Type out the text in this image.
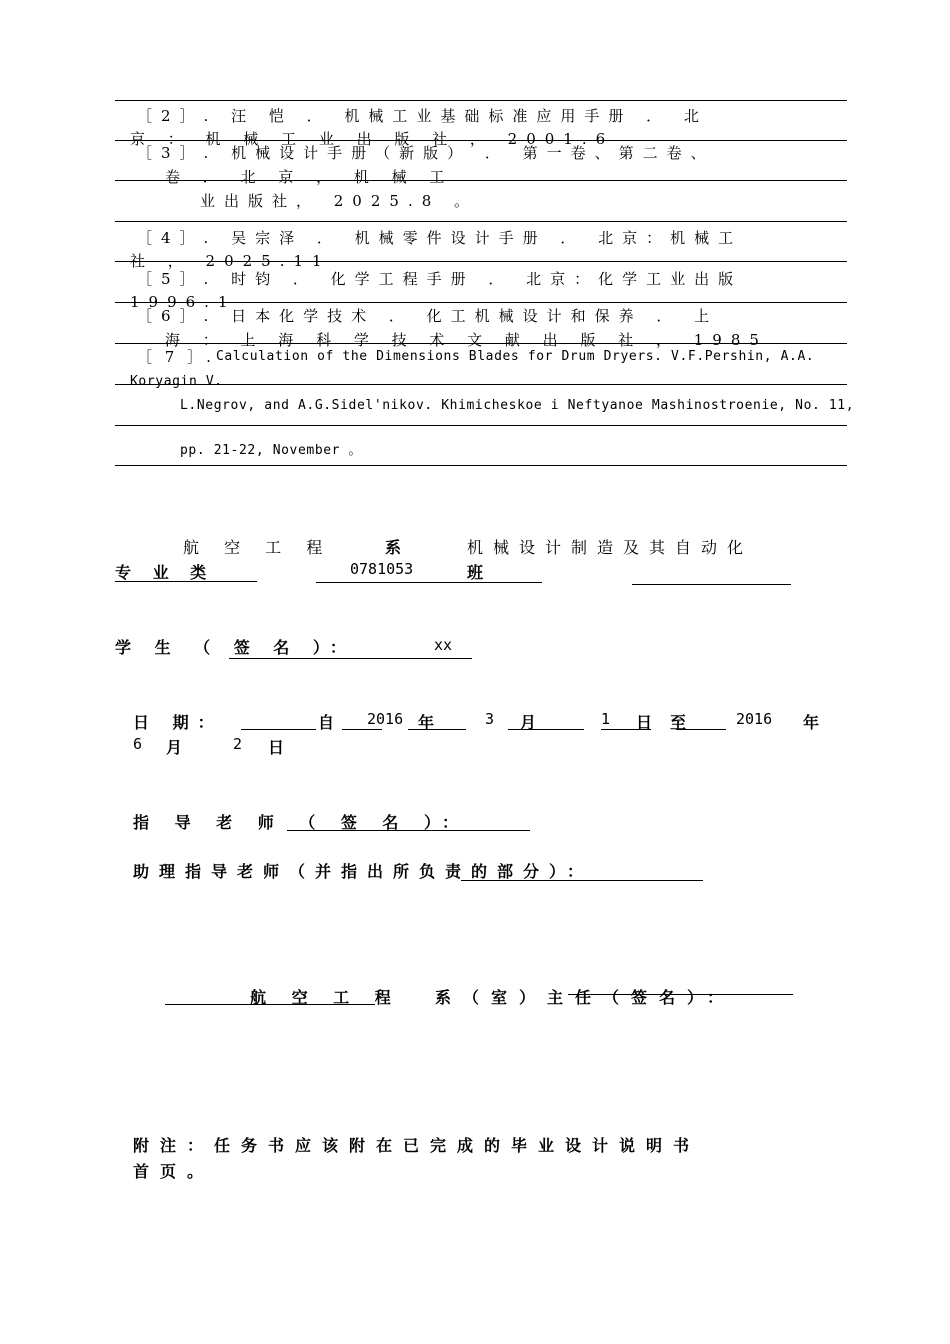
［2］. 汪 恺 ． 机械工业基础标准应用手册 ． 北
京 ： 机 械 工 业 出 版 社 ， 2001.6
［3］. 机械设计手册（新版） ． 第一卷、第二卷、
卷 ． 北 京 ， 机 械 工
业出版社， 2025.8 。
［4］. 吴宗泽 ． 机械零件设计手册 ． 北京：机械工
社 ， 2025.11
［5］. 时钧 ． 化学工程手册 ． 北京：化学工业出版
1996.1
［6］. 日本化学技术 ． 化工机械设计和保养 ． 上
海 ： 上 海 科 学 技 术 文 献 出 版 社 ， 1985
［ 7 ］. Calculation of the Dimensions Blades for Drum Dryers. V.F.Pershin, A.A.
Koryagin V.
L.Negrov, and A.G.Sidel'nikov. Khimicheskoe i Neftyanoe Mashinostroenie, No. 11,
pp. 21-22, November 。
航 空 工 程	系	机械设计制造及其自动化
专 业 类	0781053	班
学 生 （ 签 名 ）：	xx
日 期：	自 2016 年	3 月	1 日 至	2016 年
6 月	2 日
指 导 老 师 （ 签 名 ）：
助理指导老师（并指出所负责的部分）：
航 空 工 程 系（室）主任（签名）：
附注：任务书应该附在已完成的毕业设计说明书
首页。
